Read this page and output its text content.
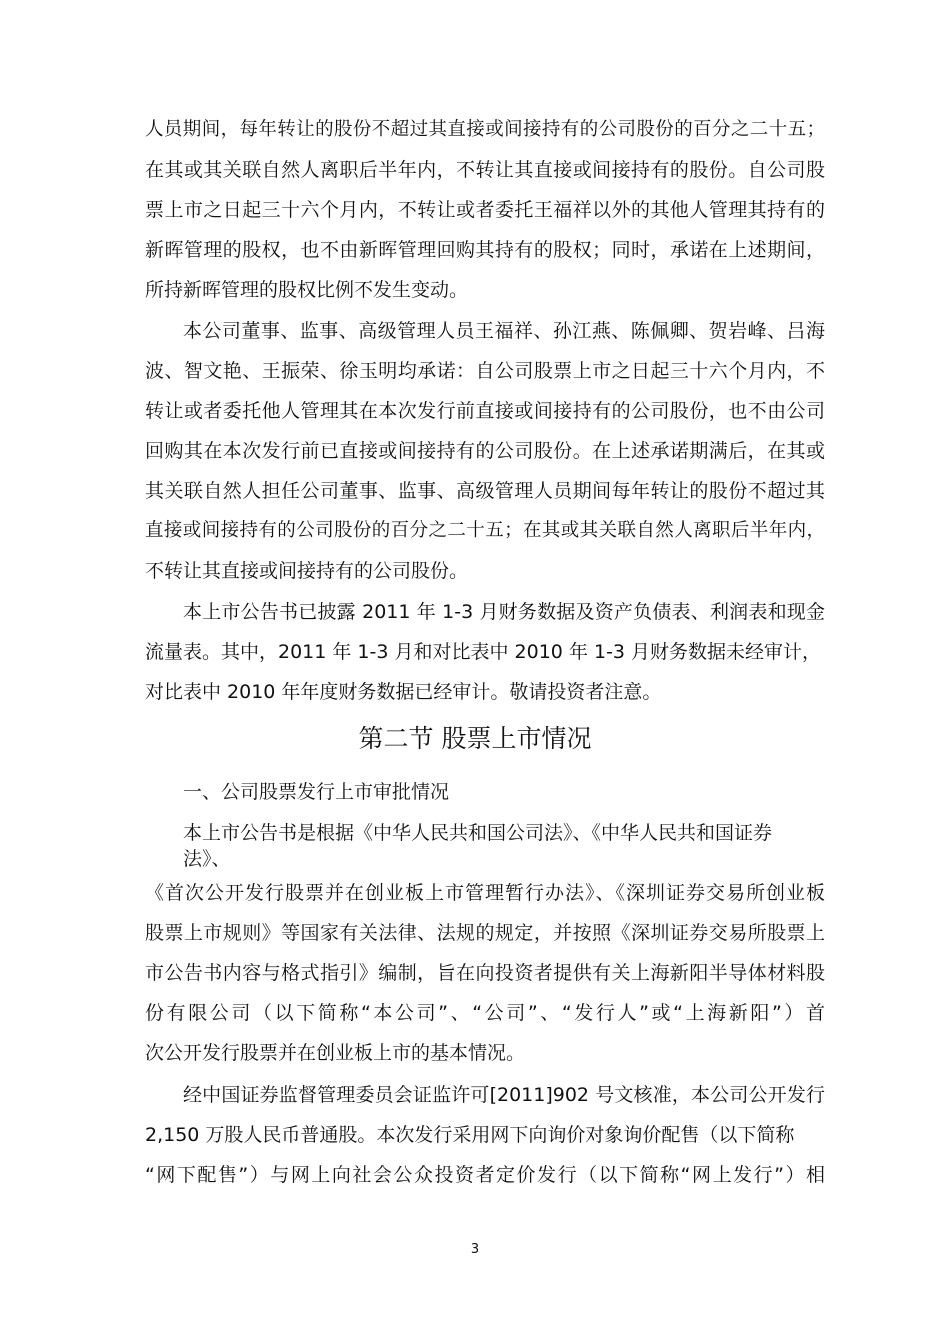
人员期间，每年转让的股份不超过其直接或间接持有的公司股份的百分之二十五；
在其或其关联自然人离职后半年内，不转让其直接或间接持有的股份。自公司股
票上市之日起三十六个月内，不转让或者委托王福祥以外的其他人管理其持有的
新晖管理的股权，也不由新晖管理回购其持有的股权；同时，承诺在上述期间，
所持新晖管理的股权比例不发生变动。
本公司董事、监事、高级管理人员王福祥、孙江燕、陈佩卿、贺岩峰、吕海
波、智文艳、王振荣、徐玉明均承诺：自公司股票上市之日起三十六个月内，不
转让或者委托他人管理其在本次发行前直接或间接持有的公司股份，也不由公司
回购其在本次发行前已直接或间接持有的公司股份。在上述承诺期满后，在其或
其关联自然人担任公司董事、监事、高级管理人员期间每年转让的股份不超过其
直接或间接持有的公司股份的百分之二十五；在其或其关联自然人离职后半年内，
不转让其直接或间接持有的公司股份。
本上市公告书已披露 2011 年 1-3 月财务数据及资产负债表、利润表和现金
流量表。其中，2011 年 1-3 月和对比表中 2010 年 1-3 月财务数据未经审计，
对比表中 2010 年年度财务数据已经审计。敬请投资者注意。
第二节 股票上市情况
一、公司股票发行上市审批情况
本上市公告书是根据《中华人民共和国公司法》、《中华人民共和国证券
法》、
《首次公开发行股票并在创业板上市管理暂行办法》、《深圳证券交易所创业板
股票上市规则》等国家有关法律、法规的规定，并按照《深圳证券交易所股票上
市公告书内容与格式指引》编制，旨在向投资者提供有关上海新阳半导体材料股
份有限公司（以下简称“本公司”、“公司”、“发行人”或“上海新阳”）首
次公开发行股票并在创业板上市的基本情况。
经中国证券监督管理委员会证监许可[2011]902 号文核准，本公司公开发行
2,150 万股人民币普通股。本次发行采用网下向询价对象询价配售（以下简称
“网下配售”）与网上向社会公众投资者定价发行（以下简称“网上发行”）相
3
